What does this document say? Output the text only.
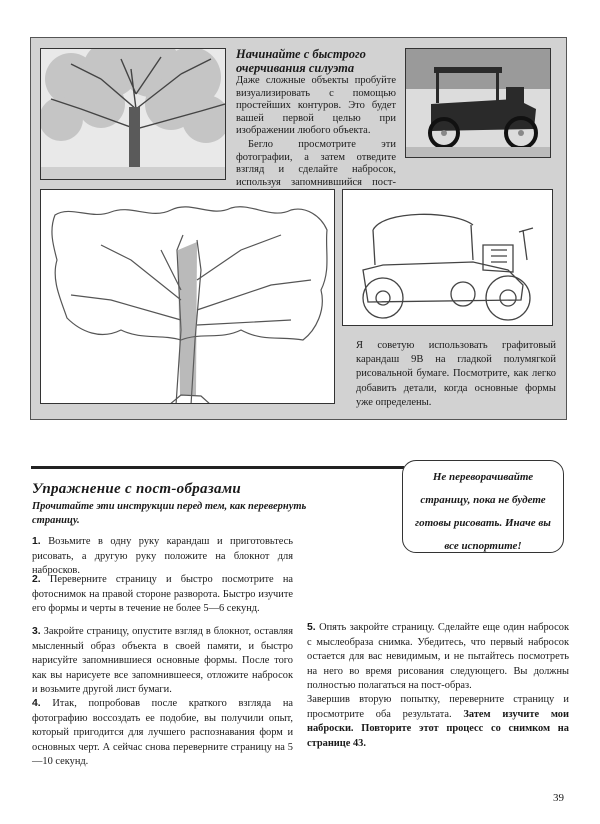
Начинайте с быстрого очерчивания силуэта
Даже сложные объекты пробуйте визуализировать с помощью простейших контуров. Это будет вашей первой целью при изображении любого объекта.
Бегло просмотрите эти фотографии, а затем отведите взгляд и сделайте набросок, используя запомнившийся пост-
Я советую использовать графитовый карандаш 9В на гладкой полумягкой рисовальной бумаге. Посмотрите, как легко добавить детали, когда основные формы уже определены.
Упражнение с пост-образами
Прочитайте эти инструкции перед тем, как перевернуть страницу.
Не переворачивайте страницу, пока не будете готовы рисовать. Иначе вы все испортите!
1. Возьмите в одну руку карандаш и приготовьтесь рисовать, а другую руку положите на блокнот для набросков.
2. Переверните страницу и быстро посмотрите на фотоснимок на правой стороне разворота. Быстро изучите его формы и черты в течение не более 5—6 секунд.
3. Закройте страницу, опустите взгляд в блокнот, оставляя мысленный образ объекта в своей памяти, и быстро нарисуйте запомнившиеся основные формы. После того как вы нарисуете все запомнившееся, отложите набросок и возьмите другой лист бумаги.
4. Итак, попробовав после краткого взгляда на фотографию воссоздать ее подобие, вы получили опыт, который пригодится для лучшего распознавания форм и основных черт. А сейчас снова переверните страницу на 5—10 секунд.
5. Опять закройте страницу. Сделайте еще один набросок с мыслеобраза снимка. Убедитесь, что первый набросок остается для вас невидимым, и не пытайтесь посмотреть на него во время рисования следующего. Вы должны полностью полагаться на пост-образ.
Завершив вторую попытку, переверните страницу и просмотрите оба результата. Затем изучите мои наброски. Повторите этот процесс со снимком на странице 43.
39
